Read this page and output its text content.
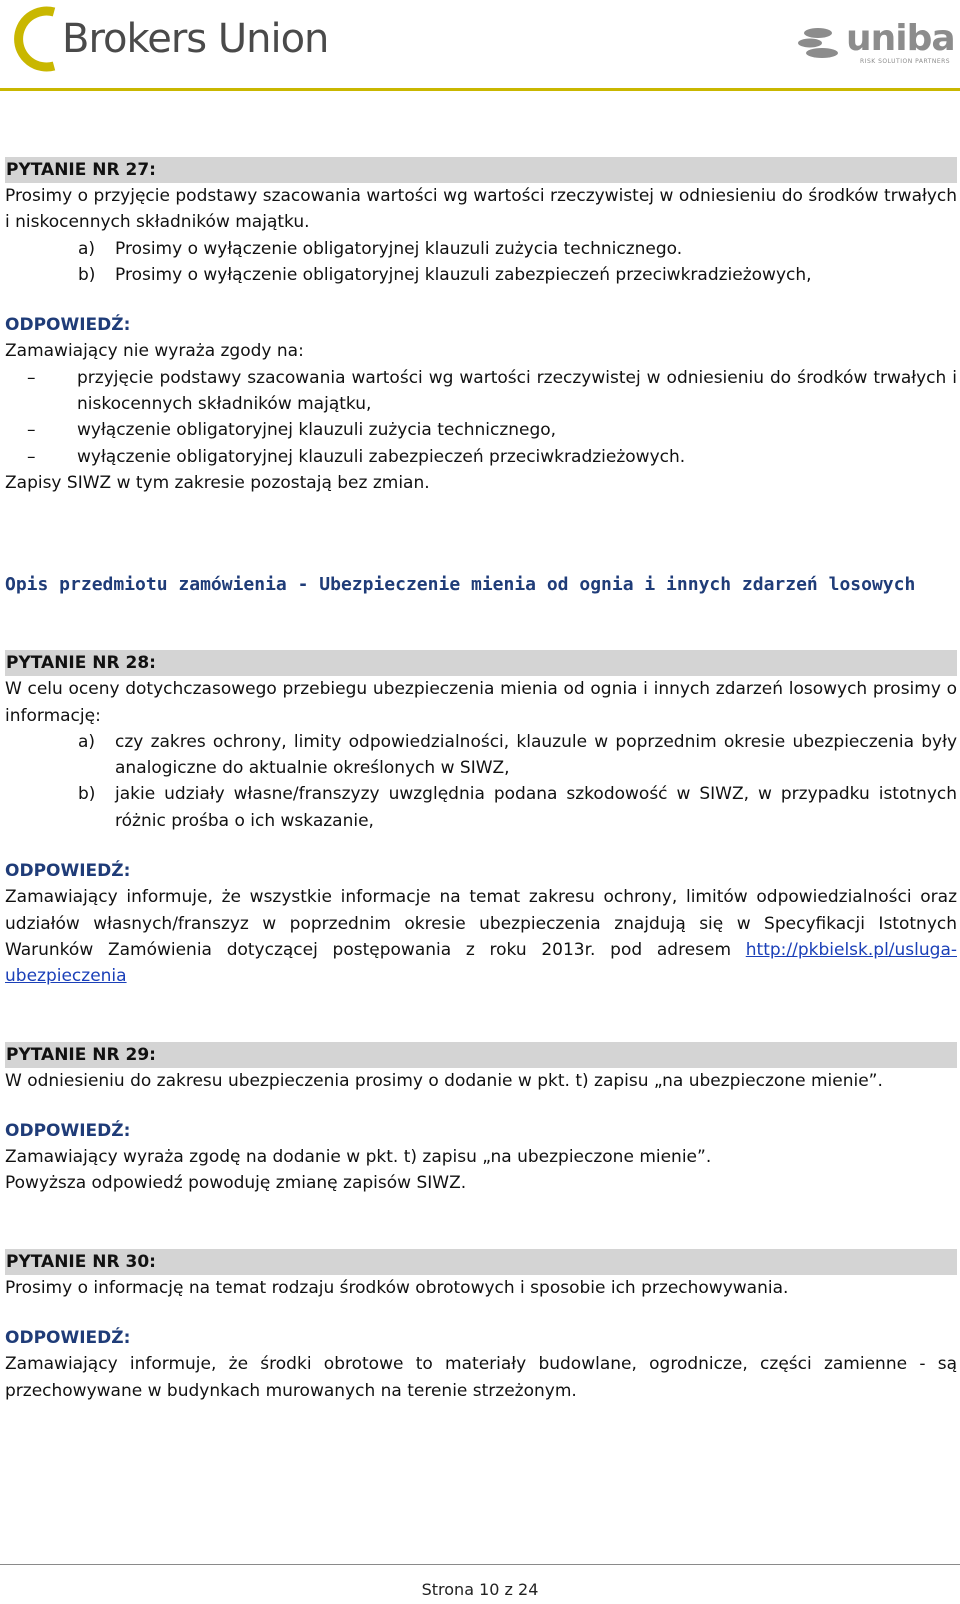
Brokers Union	uniba
RISK SOLUTION PARTNERS
PYTANIE NR 27:

Prosimy o przyjęcie podstawy szacowania wartości wg wartości rzeczywistej w odniesieniu do środków trwałych i niskocennych składników majątku.

a) Prosimy o wyłączenie obligatoryjnej klauzuli zużycia technicznego.
b) Prosimy o wyłączenie obligatoryjnej klauzuli zabezpieczeń przeciwkradzieżowych,
ODPOWIEDŹ:

Zamawiający nie wyraża zgody na:

– przyjęcie podstawy szacowania wartości wg wartości rzeczywistej w odniesieniu do środków trwałych i niskocennych składników majątku,
– wyłączenie obligatoryjnej klauzuli zużycia technicznego,
– wyłączenie obligatoryjnej klauzuli zabezpieczeń przeciwkradzieżowych.

Zapisy SIWZ w tym zakresie pozostają bez zmian.

Opis przedmiotu zamówienia - Ubezpieczenie mienia od ognia i innych zdarzeń losowych
PYTANIE NR 28:

W celu oceny dotychczasowego przebiegu ubezpieczenia mienia od ognia i innych zdarzeń losowych prosimy o informację:

a) czy zakres ochrony, limity odpowiedzialności, klauzule w poprzednim okresie ubezpieczenia były analogiczne do aktualnie określonych w SIWZ,
b) jakie udziały własne/franszyzy uwzględnia podana szkodowość w SIWZ, w przypadku istotnych różnic prośba o ich wskazanie,
ODPOWIEDŹ:

Zamawiający informuje, że wszystkie informacje na temat zakresu ochrony, limitów odpowiedzialności oraz udziałów własnych/franszyz w poprzednim okresie ubezpieczenia znajdują się w Specyfikacji Istotnych Warunków Zamówienia dotyczącej postępowania z roku 2013r. pod adresem http://pkbielsk.pl/usluga-ubezpieczenia

PYTANIE NR 29:

W odniesieniu do zakresu ubezpieczenia prosimy o dodanie w pkt. t) zapisu „na ubezpieczone mienie”.

ODPOWIEDŹ:

Zamawiający wyraża zgodę na dodanie w pkt. t) zapisu „na ubezpieczone mienie”.

Powyższa odpowiedź powoduję zmianę zapisów SIWZ.

PYTANIE NR 30:

Prosimy o informację na temat rodzaju środków obrotowych i sposobie ich przechowywania.

ODPOWIEDŹ:

Zamawiający informuje, że środki obrotowe to materiały budowlane, ogrodnicze, części zamienne - są przechowywane w budynkach murowanych na terenie strzeżonym.

Strona 10 z 24
